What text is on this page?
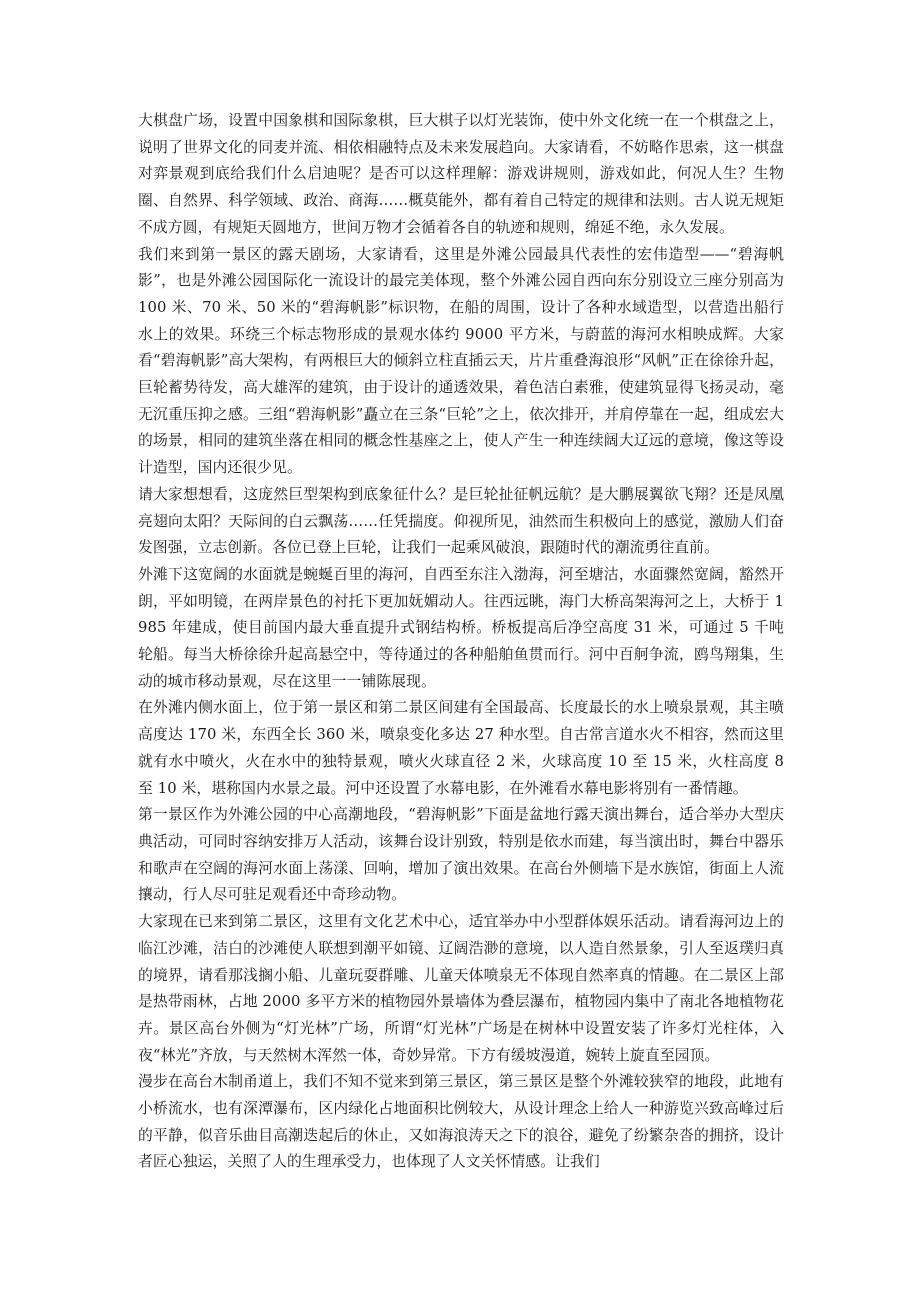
大棋盘广场，设置中国象棋和国际象棋，巨大棋子以灯光装饰，使中外文化统一在一个棋盘之上，说明了世界文化的同麦并流、相依相融特点及未来发展趋向。大家请看，不妨略作思索，这一棋盘对弈景观到底给我们什么启迪呢？是否可以这样理解：游戏讲规则，游戏如此，何况人生？生物圈、自然界、科学领域、政治、商海……概莫能外，都有着自己特定的规律和法则。古人说无规矩不成方圆，有规矩天圆地方，世间万物才会循着各自的轨迹和规则，绵延不绝，永久发展。

我们来到第一景区的露天剧场，大家请看，这里是外滩公园最具代表性的宏伟造型——“碧海帆影”，也是外滩公园国际化一流设计的最完美体现，整个外滩公园自西向东分别设立三座分别高为 100 米、70 米、50 米的“碧海帆影”标识物，在船的周围，设计了各种水域造型，以营造出船行水上的效果。环绕三个标志物形成的景观水体约 9000 平方米，与蔚蓝的海河水相映成辉。大家看“碧海帆影”高大架构，有两根巨大的倾斜立柱直插云天，片片重叠海浪形“风帆”正在徐徐升起，巨轮蓄势待发，高大雄浑的建筑，由于设计的通透效果，着色洁白素雅，使建筑显得飞扬灵动，毫无沉重压抑之感。三组“碧海帆影”矗立在三条“巨轮”之上，依次排开，并肩停靠在一起，组成宏大的场景，相同的建筑坐落在相同的概念性基座之上，使人产生一种连续阔大辽远的意境，像这等设计造型，国内还很少见。

请大家想想看，这庞然巨型架构到底象征什么？是巨轮扯征帆远航？是大鹏展翼欲飞翔？还是凤凰亮翅向太阳？天际间的白云飘荡……任凭揣度。仰视所见，油然而生积极向上的感觉，激励人们奋发图强，立志创新。各位已登上巨轮，让我们一起乘风破浪，跟随时代的潮流勇往直前。

外滩下这宽阔的水面就是蜿蜒百里的海河，自西至东注入渤海，河至塘沽，水面骤然宽阔，豁然开朗，平如明镜，在两岸景色的衬托下更加妩媚动人。往西远眺，海门大桥高架海河之上，大桥于 1985 年建成，使目前国内最大垂直提升式钢结构桥。桥板提高后净空高度 31 米，可通过 5 千吨轮船。每当大桥徐徐升起高悬空中，等待通过的各种船舶鱼贯而行。河中百舸争流，鸥鸟翔集，生动的城市移动景观，尽在这里一一铺陈展现。

在外滩内侧水面上，位于第一景区和第二景区间建有全国最高、长度最长的水上喷泉景观，其主喷高度达 170 米，东西全长 360 米，喷泉变化多达 27 种水型。自古常言道水火不相容，然而这里就有水中喷火，火在水中的独特景观，喷火火球直径 2 米，火球高度 10 至 15 米，火柱高度 8 至 10 米，堪称国内水景之最。河中还设置了水幕电影，在外滩看水幕电影将别有一番情趣。

第一景区作为外滩公园的中心高潮地段，“碧海帆影”下面是盆地行露天演出舞台，适合举办大型庆典活动，可同时容纳安排万人活动，该舞台设计别致，特别是依水而建，每当演出时，舞台中器乐和歌声在空阔的海河水面上荡漾、回响，增加了演出效果。在高台外侧墙下是水族馆，街面上人流攘动，行人尽可驻足观看还中奇珍动物。

大家现在已来到第二景区，这里有文化艺术中心，适宜举办中小型群体娱乐活动。请看海河边上的临江沙滩，洁白的沙滩使人联想到潮平如镜、辽阔浩渺的意境，以人造自然景象，引人至返璞归真的境界，请看那浅搁小船、儿童玩耍群雕、儿童天体喷泉无不体现自然率真的情趣。在二景区上部是热带雨林，占地 2000 多平方米的植物园外景墙体为叠层瀑布，植物园内集中了南北各地植物花卉。景区高台外侧为“灯光林”广场，所谓“灯光林”广场是在树林中设置安装了许多灯光柱体，入夜“林光”齐放，与天然树木浑然一体，奇妙异常。下方有缓坡漫道，婉转上旋直至园顶。

漫步在高台木制甬道上，我们不知不觉来到第三景区，第三景区是整个外滩较狭窄的地段，此地有小桥流水，也有深潭瀑布，区内绿化占地面积比例较大，从设计理念上给人一种游览兴致高峰过后的平静，似音乐曲目高潮迭起后的休止，又如海浪涛天之下的浪谷，避免了纷繁杂沓的拥挤，设计者匠心独运，关照了人的生理承受力，也体现了人文关怀情感。让我们
